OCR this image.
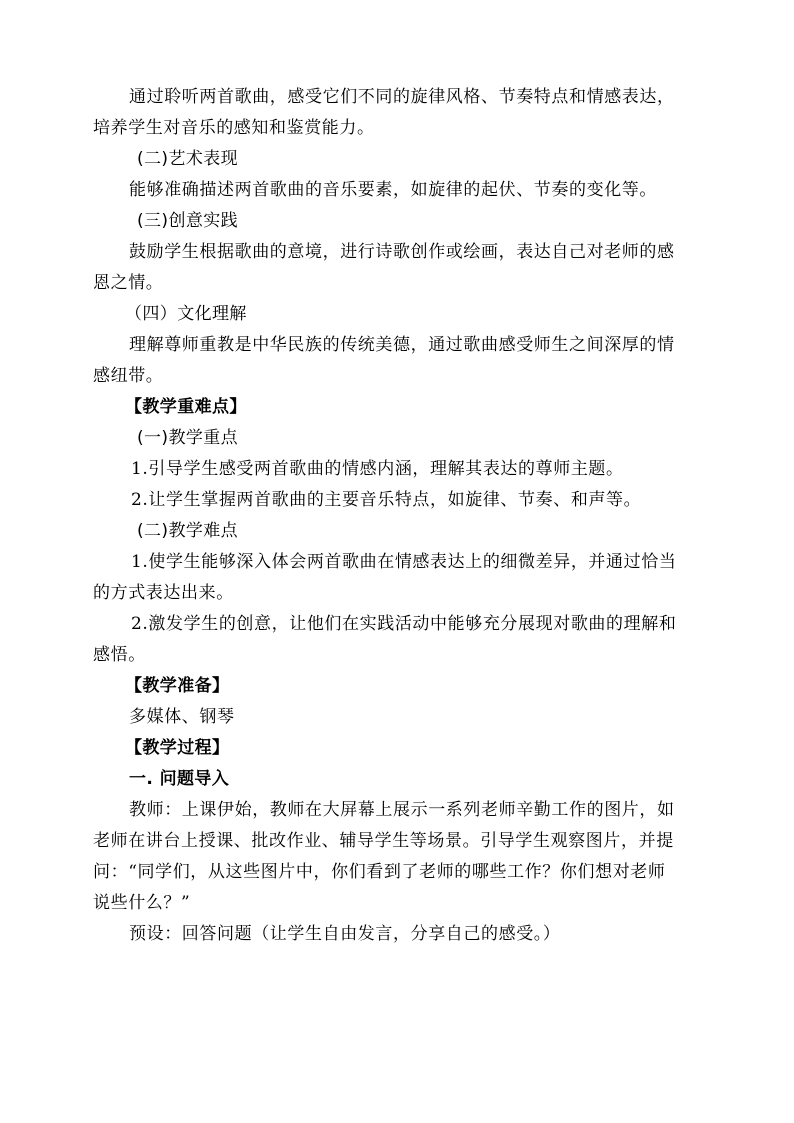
通过聆听两首歌曲，感受它们不同的旋律风格、节奏特点和情感表达，
培养学生对音乐的感知和鉴赏能力。
(二)艺术表现
能够准确描述两首歌曲的音乐要素，如旋律的起伏、节奏的变化等。
(三)创意实践
鼓励学生根据歌曲的意境，进行诗歌创作或绘画，表达自己对老师的感
恩之情。
（四）文化理解
理解尊师重教是中华民族的传统美德，通过歌曲感受师生之间深厚的情
感纽带。
【教学重难点】
(一)教学重点
1.引导学生感受两首歌曲的情感内涵，理解其表达的尊师主题。
2.让学生掌握两首歌曲的主要音乐特点，如旋律、节奏、和声等。
(二)教学难点
1.使学生能够深入体会两首歌曲在情感表达上的细微差异，并通过恰当
的方式表达出来。
2.激发学生的创意，让他们在实践活动中能够充分展现对歌曲的理解和
感悟。
【教学准备】
多媒体、钢琴
【教学过程】
一. 问题导入
教师：上课伊始，教师在大屏幕上展示一系列老师辛勤工作的图片，如
老师在讲台上授课、批改作业、辅导学生等场景。引导学生观察图片，并提
问：“同学们，从这些图片中，你们看到了老师的哪些工作？你们想对老师
说些什么？”
预设：回答问题（让学生自由发言，分享自己的感受。）
